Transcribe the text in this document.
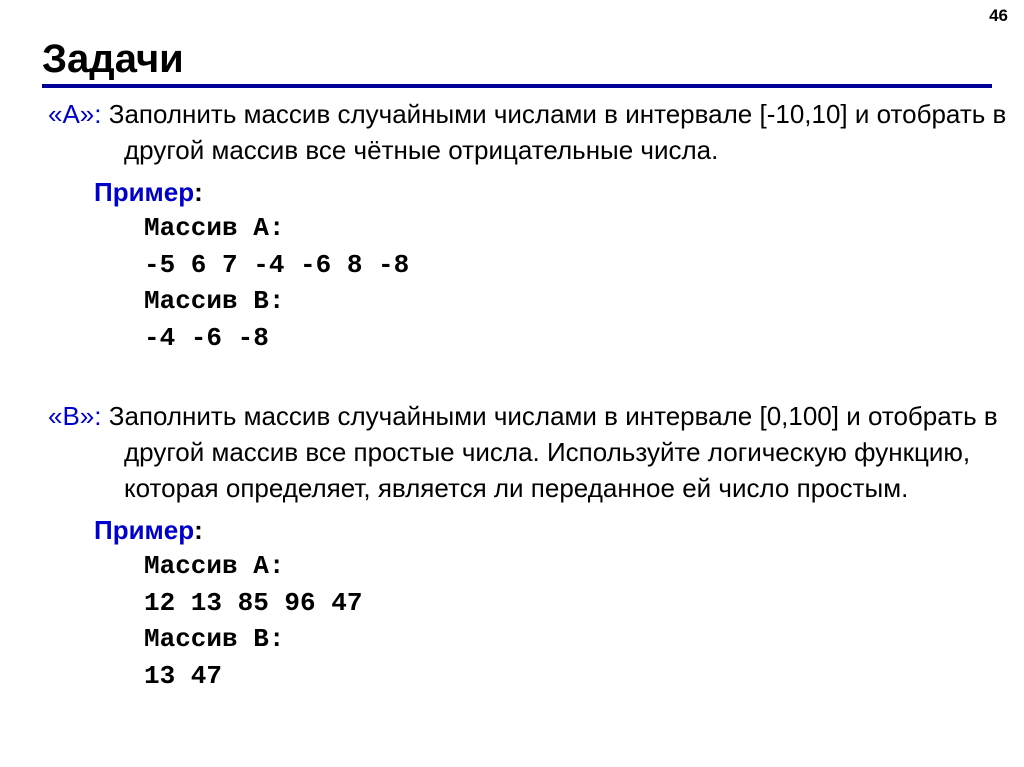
46
Задачи

«A»: Заполнить массив случайными числами в интервале [-10,10] и отобрать в другой массив все чётные отрицательные числа.

Пример:
Массив A:
-5 6 7 -4 -6 8 -8
Массив B:
-4 -6 -8

«B»: Заполнить массив случайными числами в интервале [0,100] и отобрать в другой массив все простые числа. Используйте логическую функцию, которая определяет, является ли переданное ей число простым.

Пример:
Массив A:
12 13 85 96 47
Массив B:
13 47
